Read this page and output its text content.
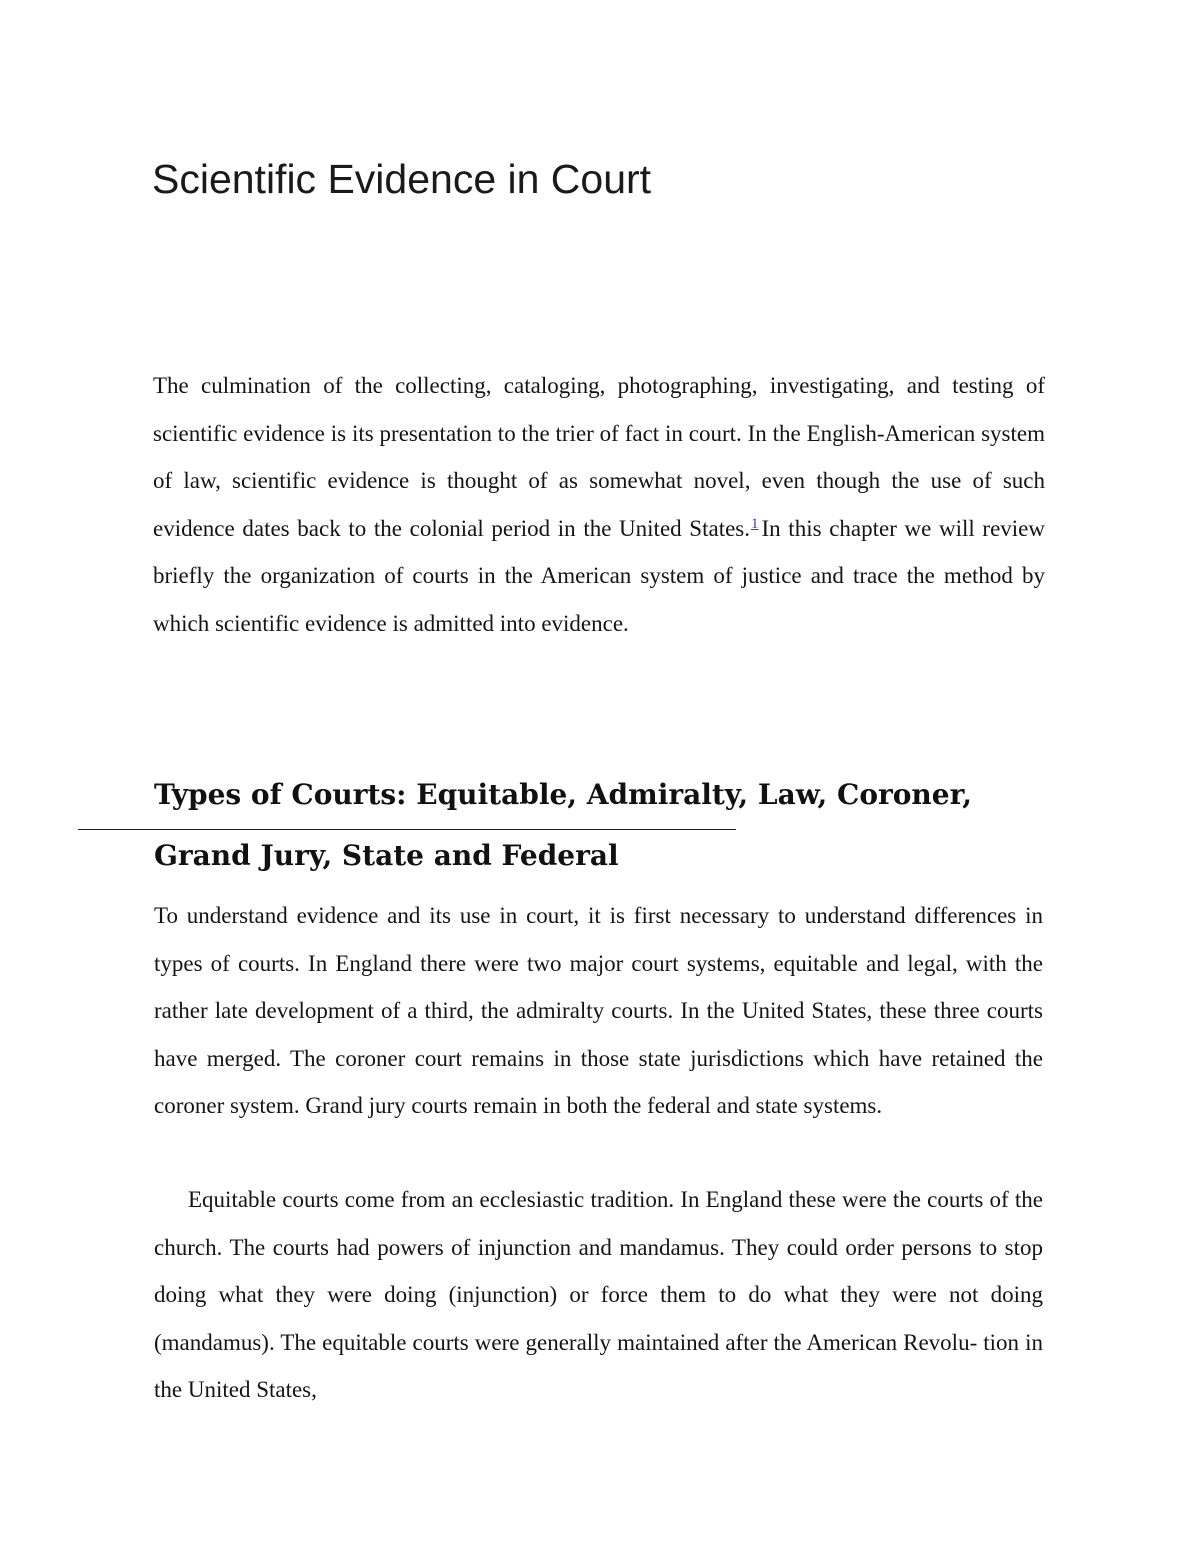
Scientific Evidence in Court

The culmination of the collecting, cataloging, photographing, investigating, and testing of scientific evidence is its presentation to the trier of fact in court. In the English-American system of law, scientific evidence is thought of as somewhat novel, even though the use of such evidence dates back to the colonial period in the United States.$^1$ In this chapter we will review briefly the organization of courts in the American system of justice and trace the method by which scientific evidence is admitted into evidence.

Types of Courts: Equitable, Admiralty, Law, Coroner, Grand Jury, State and Federal

To understand evidence and its use in court, it is first necessary to understand differences in types of courts. In England there were two major court systems, equitable and legal, with the rather late development of a third, the admiralty courts. In the United States, these three courts have merged. The coroner court remains in those state jurisdictions which have retained the coroner system. Grand jury courts remain in both the federal and state systems.

Equitable courts come from an ecclesiastic tradition. In England these were the courts of the church. The courts had powers of injunction and mandamus. They could order persons to stop doing what they were doing (injunction) or force them to do what they were not doing (mandamus). The equitable courts were generally maintained after the American Revolu- tion in the United States,
